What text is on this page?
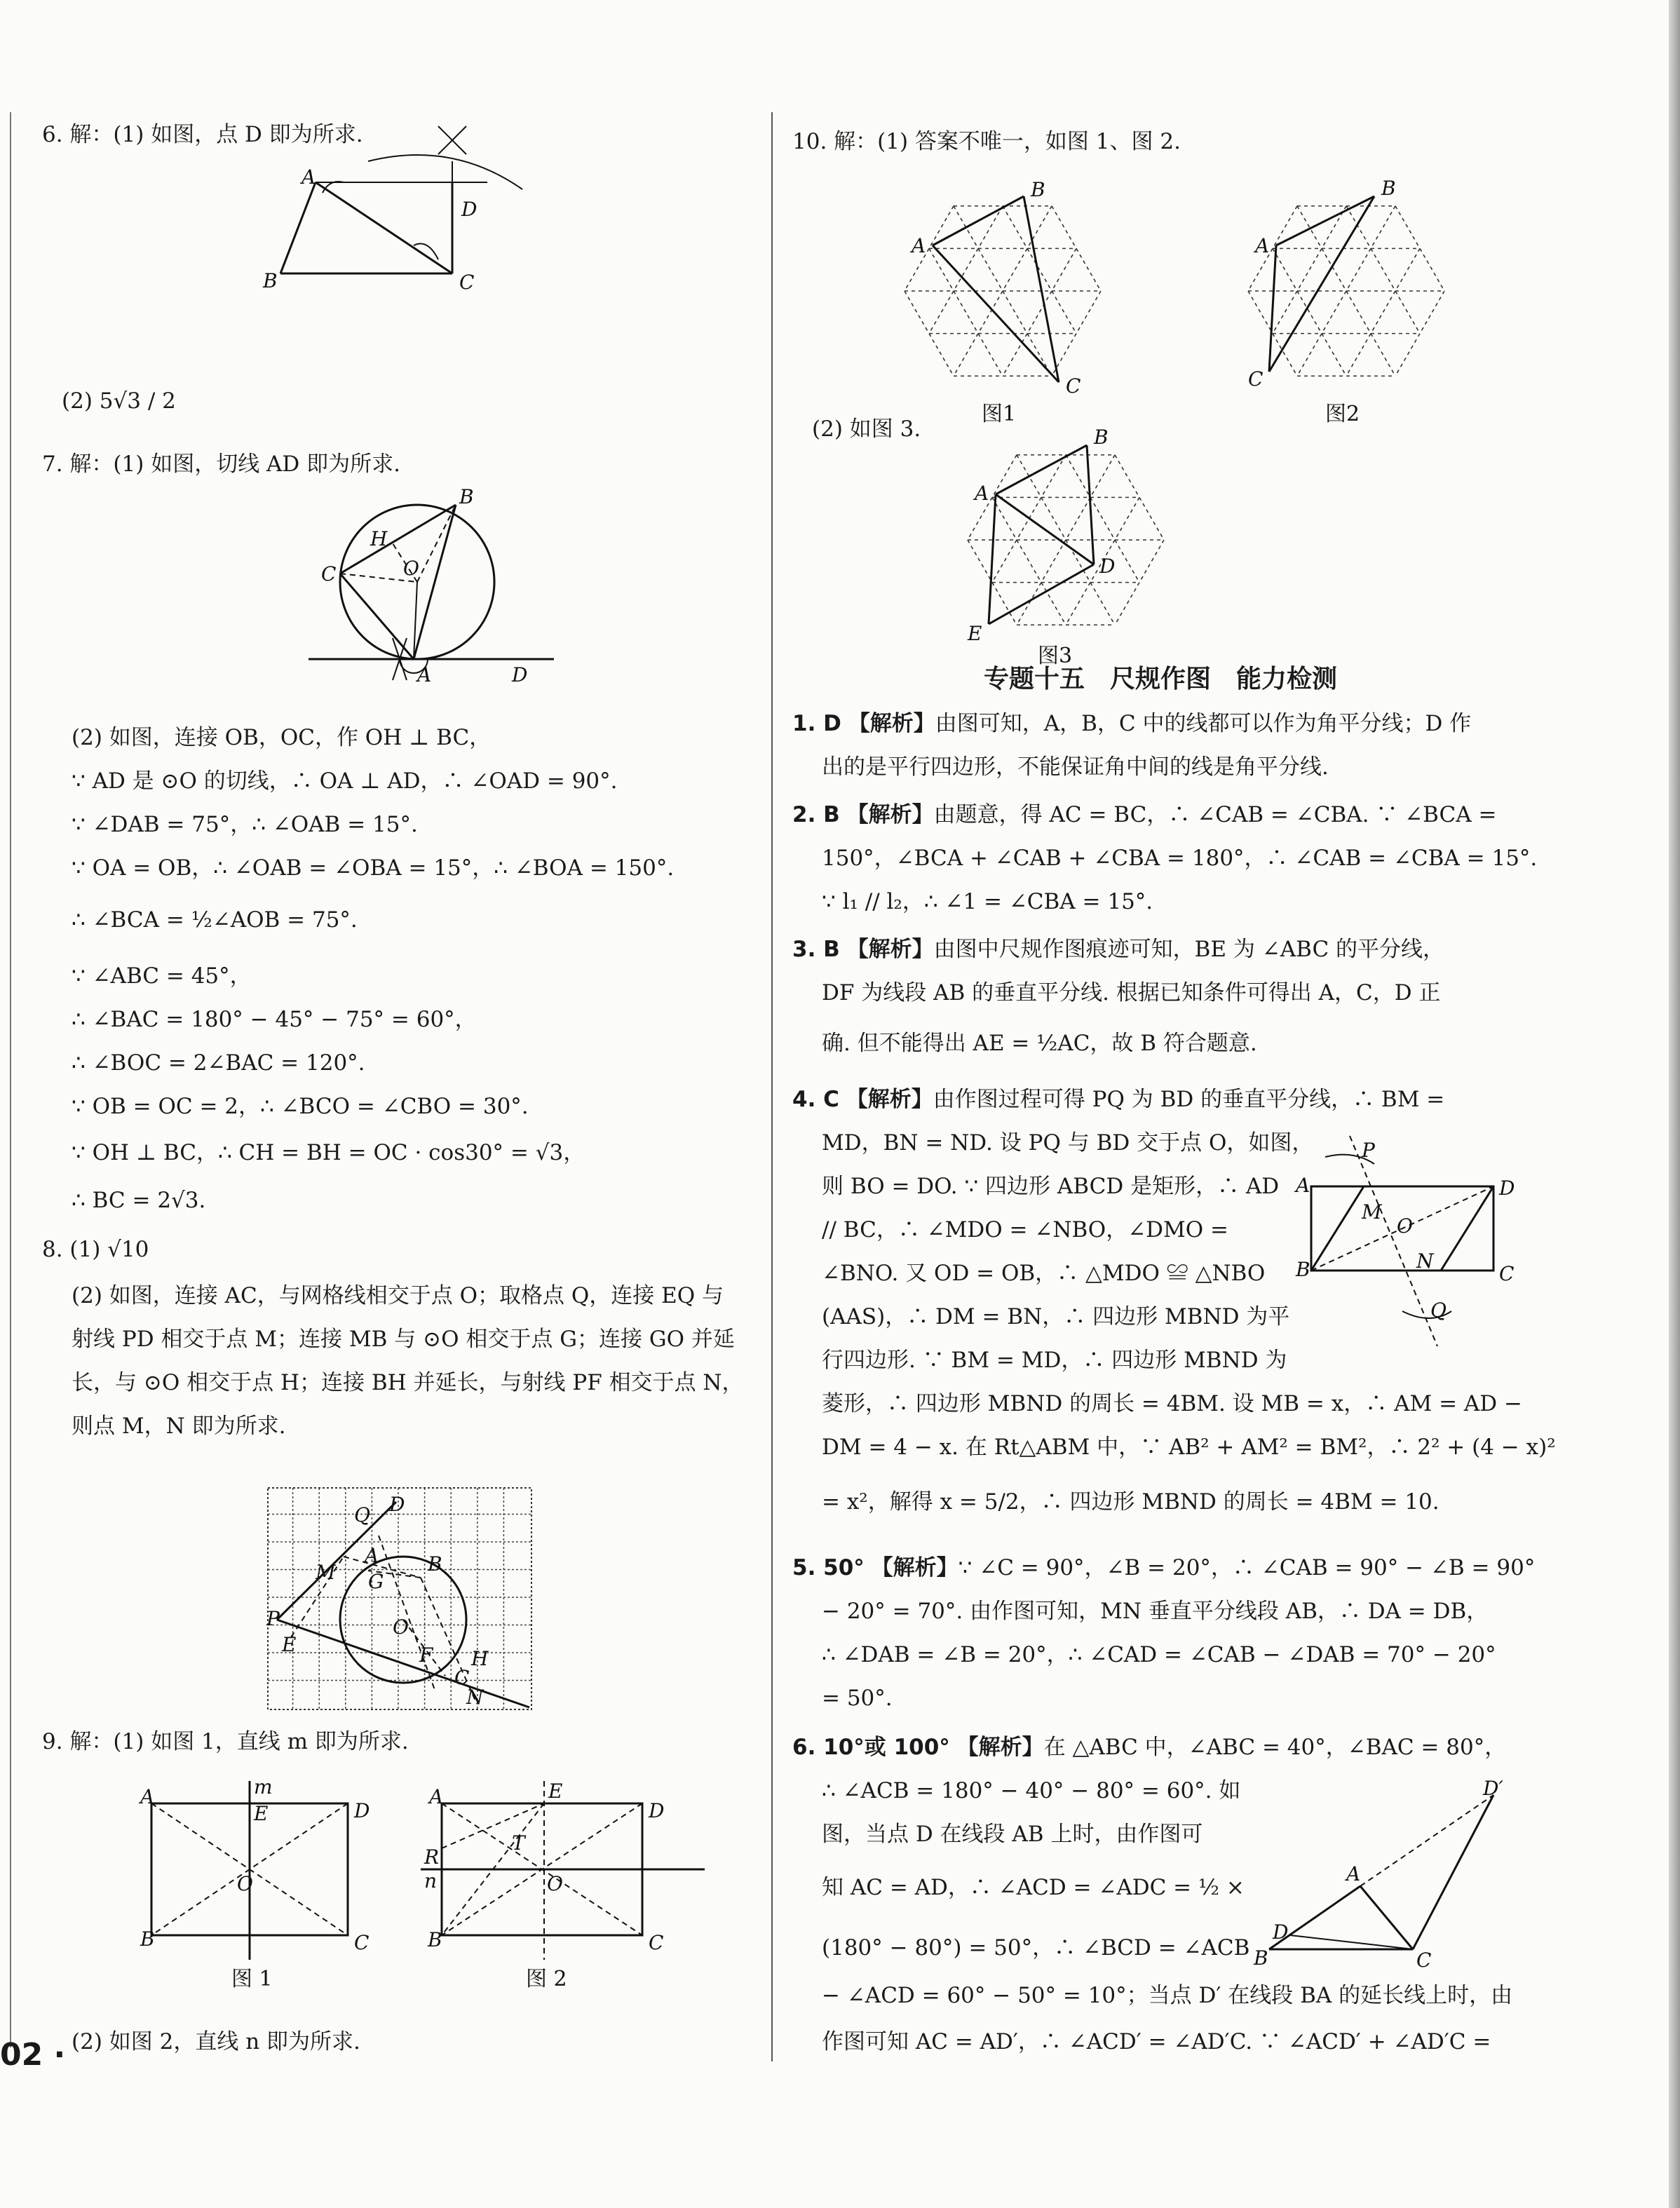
6. 解：(1) 如图，点 D 即为所求.
A
D
B	C
(2) 5√3 / 2
7. 解：(1) 如图，切线 AD 即为所求.
B
H
O
C
A	D
(2) 如图，连接 OB，OC，作 OH ⊥ BC，
∵ AD 是 ⊙O 的切线，∴ OA ⊥ AD，∴ ∠OAD = 90°.
∵ ∠DAB = 75°，∴ ∠OAB = 15°.
∵ OA = OB，∴ ∠OAB = ∠OBA = 15°，∴ ∠BOA = 150°.
∴ ∠BCA = ½∠AOB = 75°.
∵ ∠ABC = 45°，
∴ ∠BAC = 180° − 45° − 75° = 60°，
∴ ∠BOC = 2∠BAC = 120°.
∵ OB = OC = 2，∴ ∠BCO = ∠CBO = 30°.
∵ OH ⊥ BC，∴ CH = BH = OC · cos30° = √3，
∴ BC = 2√3.
8. (1) √10
(2) 如图，连接 AC，与网格线相交于点 O；取格点 Q，连接 EQ 与
射线 PD 相交于点 M；连接 MB 与 ⊙O 相交于点 G；连接 GO 并延
长，与 ⊙O 相交于点 H；连接 BH 并延长，与射线 PF 相交于点 N，
则点 M，N 即为所求.
D
Q
A B
M G
P
E
O
F H
C
N
9. 解：(1) 如图 1，直线 m 即为所求.
A	m
E	D
O
B	C
图 1
A	E
D
T
R
n	O
B	C
图 2
(2) 如图 2，直线 n 即为所求.
02 ·
10. 解：(1) 答案不唯一，如图 1、图 2.
B
A
C
图1
B
A
C
图2
(2) 如图 3.	B
A
D
E
图3
专题十五　尺规作图　能力检测
1. D 【解析】由图可知，A，B，C 中的线都可以作为角平分线；D 作
出的是平行四边形，不能保证角中间的线是角平分线.
2. B 【解析】由题意，得 AC = BC，∴ ∠CAB = ∠CBA. ∵ ∠BCA =
150°，∠BCA + ∠CAB + ∠CBA = 180°，∴ ∠CAB = ∠CBA = 15°.
∵ l₁ // l₂，∴ ∠1 = ∠CBA = 15°.
3. B 【解析】由图中尺规作图痕迹可知，BE 为 ∠ABC 的平分线，
DF 为线段 AB 的垂直平分线. 根据已知条件可得出 A，C，D 正
确. 但不能得出 AE = ½AC，故 B 符合题意.
4. C 【解析】由作图过程可得 PQ 为 BD 的垂直平分线，∴ BM =
MD，BN = ND. 设 PQ 与 BD 交于点 O，如图，
则 BO = DO. ∵ 四边形 ABCD 是矩形，∴ AD
// BC，∴ ∠MDO = ∠NBO，∠DMO =
∠BNO. 又 OD = OB，∴ △MDO ≌ △NBO
(AAS)，∴ DM = BN，∴ 四边形 MBND 为平
行四边形. ∵ BM = MD，∴ 四边形 MBND 为
菱形，∴ 四边形 MBND 的周长 = 4BM. 设 MB = x，∴ AM = AD −
DM = 4 − x. 在 Rt△ABM 中，∵ AB² + AM² = BM²，∴ 2² + (4 − x)²
= x²，解得 x = 5/2，∴ 四边形 MBND 的周长 = 4BM = 10.
P
A	D
M
O
N
B	C
Q
5. 50° 【解析】∵ ∠C = 90°，∠B = 20°，∴ ∠CAB = 90° − ∠B = 90°
− 20° = 70°. 由作图可知，MN 垂直平分线段 AB，∴ DA = DB，
∴ ∠DAB = ∠B = 20°，∴ ∠CAD = ∠CAB − ∠DAB = 70° − 20°
= 50°.
6. 10°或 100° 【解析】在 △ABC 中，∠ABC = 40°，∠BAC = 80°，
∴ ∠ACB = 180° − 40° − 80° = 60°. 如
图，当点 D 在线段 AB 上时，由作图可
知 AC = AD，∴ ∠ACD = ∠ADC = ½ ×
(180° − 80°) = 50°，∴ ∠BCD = ∠ACB
− ∠ACD = 60° − 50° = 10°；当点 D′ 在线段 BA 的延长线上时，由
作图可知 AC = AD′，∴ ∠ACD′ = ∠AD′C. ∵ ∠ACD′ + ∠AD′C =
D′
A
D
B	C
